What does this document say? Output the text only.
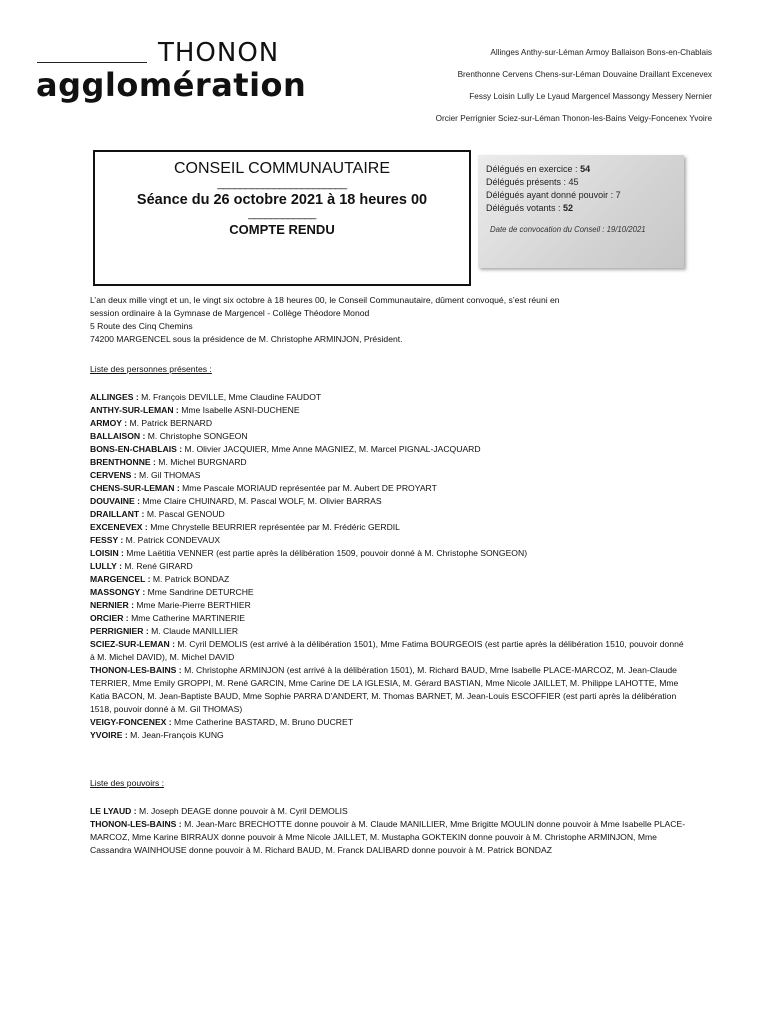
THONON
agglomération
Allinges Anthy-sur-Léman Armoy Ballaison Bons-en-Chablais
Brenthonne Cervens Chens-sur-Léman Douvaine Draillant Excenevex
Fessy Loisin Lully Le Lyaud Margencel Massongy Messery Nernier
Orcier Perrignier Sciez-sur-Léman Thonon-les-Bains Veigy-Foncenex Yvoire
CONSEIL COMMUNAUTAIRE
_______________________
Séance du 26 octobre 2021 à 18 heures 00
____________
COMPTE RENDU
Délégués en exercice : 54
Délégués présents : 45
Délégués ayant donné pouvoir : 7
Délégués votants : 52
Date de convocation du Conseil : 19/10/2021
L’an deux mille vingt et un, le vingt six octobre à 18 heures 00, le Conseil Communautaire, dûment convoqué, s’est réuni en
session ordinaire à la Gymnase de Margencel - Collège Théodore Monod
5 Route des Cinq Chemins
74200 MARGENCEL sous la présidence de M. Christophe ARMINJON, Président.
Liste des personnes présentes :
ALLINGES : M. François DEVILLE, Mme Claudine FAUDOT
ANTHY-SUR-LEMAN : Mme Isabelle ASNI-DUCHENE
ARMOY : M. Patrick BERNARD
BALLAISON : M. Christophe SONGEON
BONS-EN-CHABLAIS : M. Olivier JACQUIER, Mme Anne MAGNIEZ, M. Marcel PIGNAL-JACQUARD
BRENTHONNE : M. Michel BURGNARD
CERVENS : M. Gil THOMAS
CHENS-SUR-LEMAN : Mme Pascale MORIAUD représentée par M. Aubert DE PROYART
DOUVAINE : Mme Claire CHUINARD, M. Pascal WOLF, M. Olivier BARRAS
DRAILLANT : M. Pascal GENOUD
EXCENEVEX : Mme Chrystelle BEURRIER représentée par M. Frédéric GERDIL
FESSY : M. Patrick CONDEVAUX
LOISIN : Mme Laëtitia VENNER (est partie après la délibération 1509, pouvoir donné à M. Christophe SONGEON)
LULLY : M. René GIRARD
MARGENCEL : M. Patrick BONDAZ
MASSONGY : Mme Sandrine DETURCHE
NERNIER : Mme Marie-Pierre BERTHIER
ORCIER : Mme Catherine MARTINERIE
PERRIGNIER : M. Claude MANILLIER
SCIEZ-SUR-LEMAN : M. Cyril DEMOLIS (est arrivé à la délibération 1501), Mme Fatima BOURGEOIS (est partie après la délibération 1510, pouvoir donné à M. Michel DAVID), M. Michel DAVID
THONON-LES-BAINS : M. Christophe ARMINJON (est arrivé à la délibération 1501), M. Richard BAUD, Mme Isabelle PLACE-MARCOZ, M. Jean-Claude TERRIER, Mme Emily GROPPI, M. René GARCIN, Mme Carine DE LA IGLESIA, M. Gérard BASTIAN, Mme Nicole JAILLET, M. Philippe LAHOTTE, Mme Katia BACON, M. Jean-Baptiste BAUD, Mme Sophie PARRA D'ANDERT, M. Thomas BARNET, M. Jean-Louis ESCOFFIER (est parti après la délibération 1518, pouvoir donné à M. Gil THOMAS)
VEIGY-FONCENEX : Mme Catherine BASTARD, M. Bruno DUCRET
YVOIRE : M. Jean-François KUNG
Liste des pouvoirs :
LE LYAUD : M. Joseph DEAGE donne pouvoir à M. Cyril DEMOLIS
THONON-LES-BAINS : M. Jean-Marc BRECHOTTE donne pouvoir à M. Claude MANILLIER, Mme Brigitte MOULIN donne pouvoir à Mme Isabelle PLACE-MARCOZ, Mme Karine BIRRAUX donne pouvoir à Mme Nicole JAILLET, M. Mustapha GOKTEKIN donne pouvoir à M. Christophe ARMINJON, Mme Cassandra WAINHOUSE donne pouvoir à M. Richard BAUD, M. Franck DALIBARD donne pouvoir à M. Patrick BONDAZ
